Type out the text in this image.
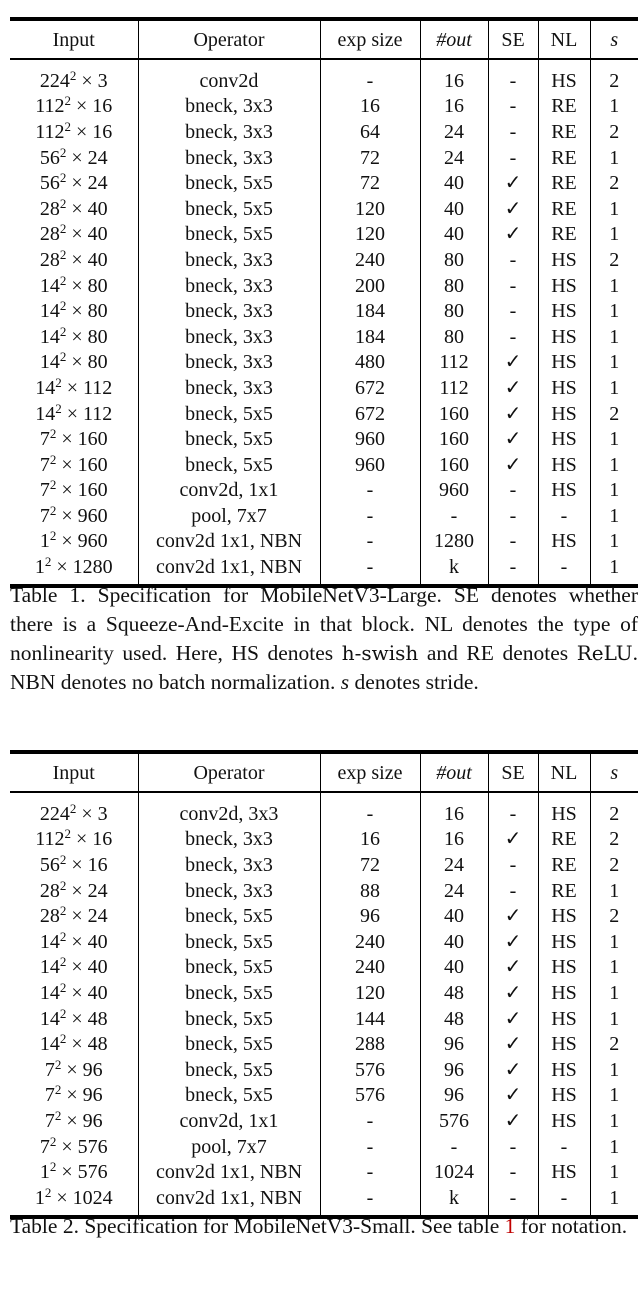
Input	Operator	exp size	#out	SE	NL	s
$224^2 \times 3$	conv2d	-	16	-	HS	2
$112^2 \times 16$	bneck, 3x3	16	16	-	RE	1
$112^2 \times 16$	bneck, 3x3	64	24	-	RE	2
$56^2 \times 24$	bneck, 3x3	72	24	-	RE	1
$56^2 \times 24$	bneck, 5x5	72	40	✓	RE	2
$28^2 \times 40$	bneck, 5x5	120	40	✓	RE	1
$28^2 \times 40$	bneck, 5x5	120	40	✓	RE	1
$28^2 \times 40$	bneck, 3x3	240	80	-	HS	2
$14^2 \times 80$	bneck, 3x3	200	80	-	HS	1
$14^2 \times 80$	bneck, 3x3	184	80	-	HS	1
$14^2 \times 80$	bneck, 3x3	184	80	-	HS	1
$14^2 \times 80$	bneck, 3x3	480	112	✓	HS	1
$14^2 \times 112$	bneck, 3x3	672	112	✓	HS	1
$14^2 \times 112$	bneck, 5x5	672	160	✓	HS	2
$7^2 \times 160$	bneck, 5x5	960	160	✓	HS	1
$7^2 \times 160$	bneck, 5x5	960	160	✓	HS	1
$7^2 \times 160$	conv2d, 1x1	-	960	-	HS	1
$7^2 \times 960$	pool, 7x7	-	-	-	-	1
$1^2 \times 960$	conv2d 1x1, NBN	-	1280	-	HS	1
$1^2 \times 1280$	conv2d 1x1, NBN	-	k	-	-	1

Table 1. Specification for MobileNetV3-Large. SE denotes whether there is a Squeeze-And-Excite in that block. NL denotes the type of nonlinearity used. Here, HS denotes h-swish and RE denotes ReLU. NBN denotes no batch normalization. s denotes stride.

Input	Operator	exp size	#out	SE	NL	s
$224^2 \times 3$	conv2d, 3x3	-	16	-	HS	2
$112^2 \times 16$	bneck, 3x3	16	16	✓	RE	2
$56^2 \times 16$	bneck, 3x3	72	24	-	RE	2
$28^2 \times 24$	bneck, 3x3	88	24	-	RE	1
$28^2 \times 24$	bneck, 5x5	96	40	✓	HS	2
$14^2 \times 40$	bneck, 5x5	240	40	✓	HS	1
$14^2 \times 40$	bneck, 5x5	240	40	✓	HS	1
$14^2 \times 40$	bneck, 5x5	120	48	✓	HS	1
$14^2 \times 48$	bneck, 5x5	144	48	✓	HS	1
$14^2 \times 48$	bneck, 5x5	288	96	✓	HS	2
$7^2 \times 96$	bneck, 5x5	576	96	✓	HS	1
$7^2 \times 96$	bneck, 5x5	576	96	✓	HS	1
$7^2 \times 96$	conv2d, 1x1	-	576	✓	HS	1
$7^2 \times 576$	pool, 7x7	-	-	-	-	1
$1^2 \times 576$	conv2d 1x1, NBN	-	1024	-	HS	1
$1^2 \times 1024$	conv2d 1x1, NBN	-	k	-	-	1

Table 2. Specification for MobileNetV3-Small. See table 1 for notation.
